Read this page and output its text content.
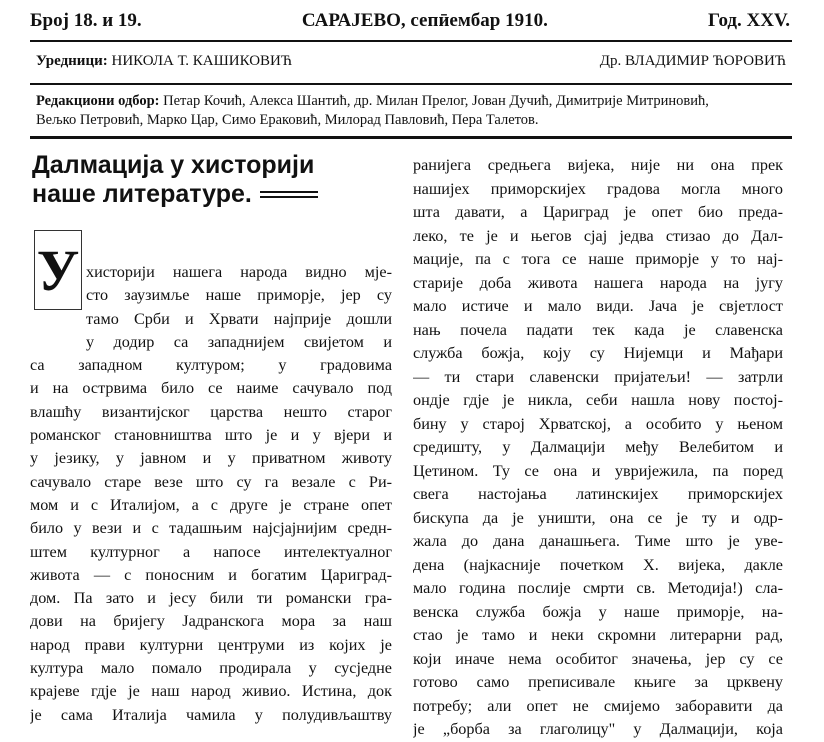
Број 18. и 19.	САРАЈЕВО, сепӣембар 1910.	Год. XXV.
Уредници: НИКОЛА Т. КАШИКОВИЋ	Др. ВЛАДИМИР ЋОРОВИЋ
Редакциони одбор: Петар Кочић, Алекса Шантић, др. Милан Прелог, Јован Дучић, Димитрије Митриновић,
Вељко Петровић, Марко Цар, Симо Ераковић, Милорад Павловић, Пера Талетов.
Далмација у хисторији
наше литературе.
У хисторији нашега народа видно мје-
сто заузимље наше приморје, јер су
тамо Срби и Хрвати најприје дошли
у додир са западнијем свијетом и
са западном културом; у градовима
и на острвима било се наиме сачувало под
влашћу византијског царства нешто старог
романског становништва што је и у вјери и
у језику, у јавном и у приватном животу
сачувало старе везе што су га везале с Ри-
мом и с Италијом, а с друге је стране опет
било у вези и с тадашњим најсјајнијим средн-
штем културног а напосе интелектуалног
живота — с поносним и богатим Цариград-
дом. Па зато и јесу били ти романски гра-
дови на бријегу Јадранскога мора за наш
народ прави културни центруми из којих је
култура мало помало продирала у сусједне
крајеве гдје је наш народ живио. Истина, док
је сама Италија чамила у полудивљаштву
ранијега средњега вијека, није ни она прек
нашијех приморскијех градова могла много
шта давати, а Цариград је опет био преда-
леко, те је и његов сјај једва стизао до Дал-
мације, па с тога се наше приморје у то нај-
старије доба живота нашега народа на југу
мало истиче и мало види. Јача је свјетлост
нањ почела падати тек када је славенска
служба божја, коју су Нијемци и Мађари
— ти стари славенски пријатељи! — затрли
ондје гдје је никла, себи нашла нову постој-
бину у старој Хрватској, а особито у њеном
средишту, у Далмацији међу Велебитом и
Цетином. Ту се она и увријежила, па поред
свега настојања латинскијех приморскијех
бискупа да је уништи, она се је ту и одр-
жала до дана данашњега. Тиме што је уве-
дена (најкасније почетком X. вијека, дакле
мало година послије смрти св. Методија!) сла-
венска служба божја у наше приморје, на-
стао је тамо и неки скромни литерарни рад,
који иначе нема особитог значења, јер су се
готово само преписивале књиге за црквену
потребу; али опет не смијемо заборавити да
је „борба за глаголицу" у Далмацији, која
